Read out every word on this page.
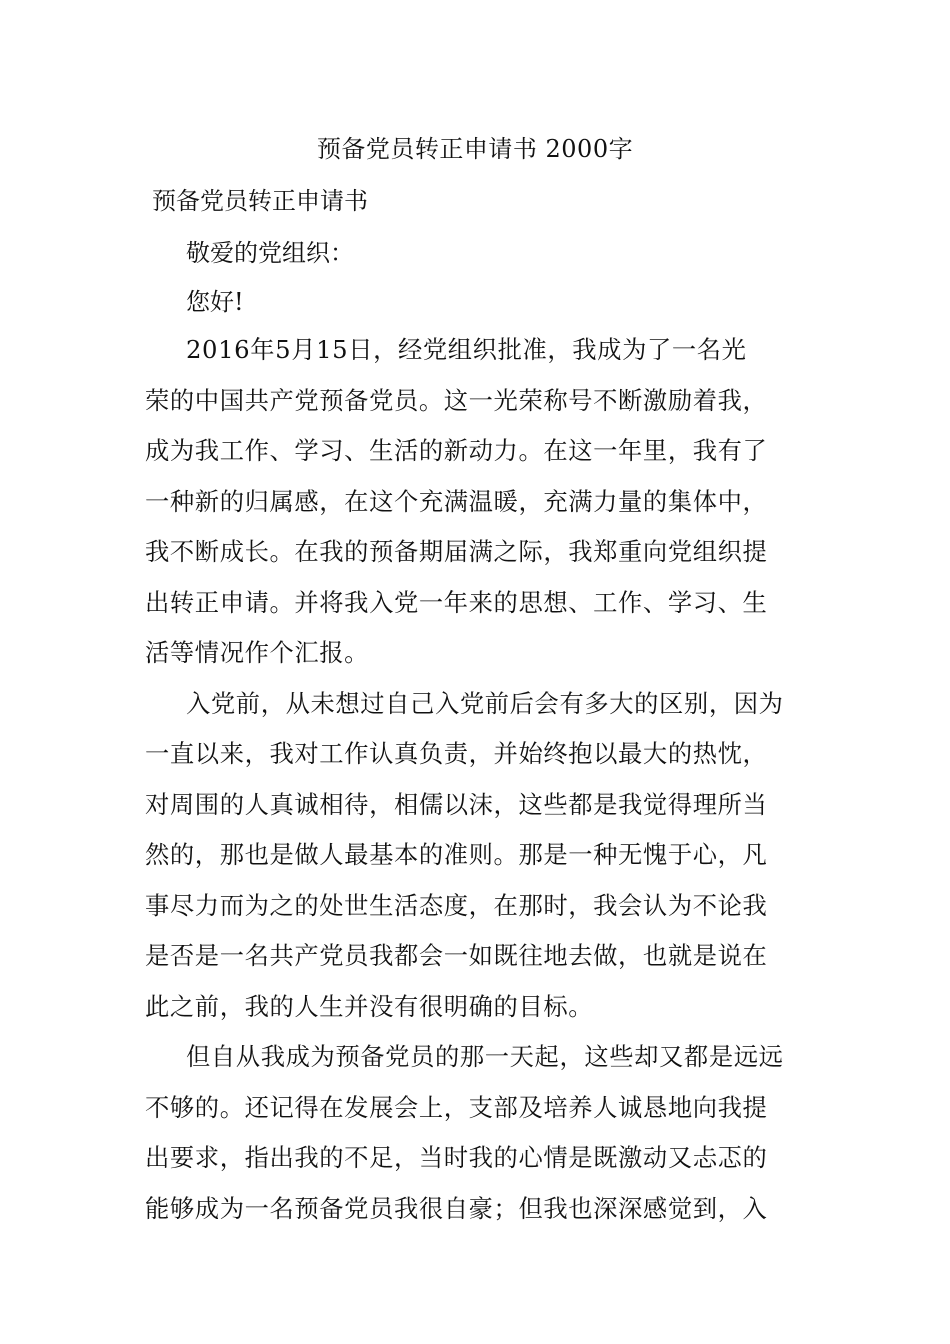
预备党员转正申请书 2000字
预备党员转正申请书
敬爱的党组织：
您好!
2016年5月15日，经党组织批准，我成为了一名光
荣的中国共产党预备党员。这一光荣称号不断激励着我，
成为我工作、学习、生活的新动力。在这一年里，我有了
一种新的归属感，在这个充满温暖，充满力量的集体中，
我不断成长。在我的预备期届满之际，我郑重向党组织提
出转正申请。并将我入党一年来的思想、工作、学习、生
活等情况作个汇报。
入党前，从未想过自己入党前后会有多大的区别，因为
一直以来，我对工作认真负责，并始终抱以最大的热忱，
对周围的人真诚相待，相儒以沫，这些都是我觉得理所当
然的，那也是做人最基本的准则。那是一种无愧于心，凡
事尽力而为之的处世生活态度，在那时，我会认为不论我
是否是一名共产党员我都会一如既往地去做，也就是说在
此之前，我的人生并没有很明确的目标。
但自从我成为预备党员的那一天起，这些却又都是远远
不够的。还记得在发展会上，支部及培养人诚恳地向我提
出要求，指出我的不足，当时我的心情是既激动又忐忑的
能够成为一名预备党员我很自豪；但我也深深感觉到，入
